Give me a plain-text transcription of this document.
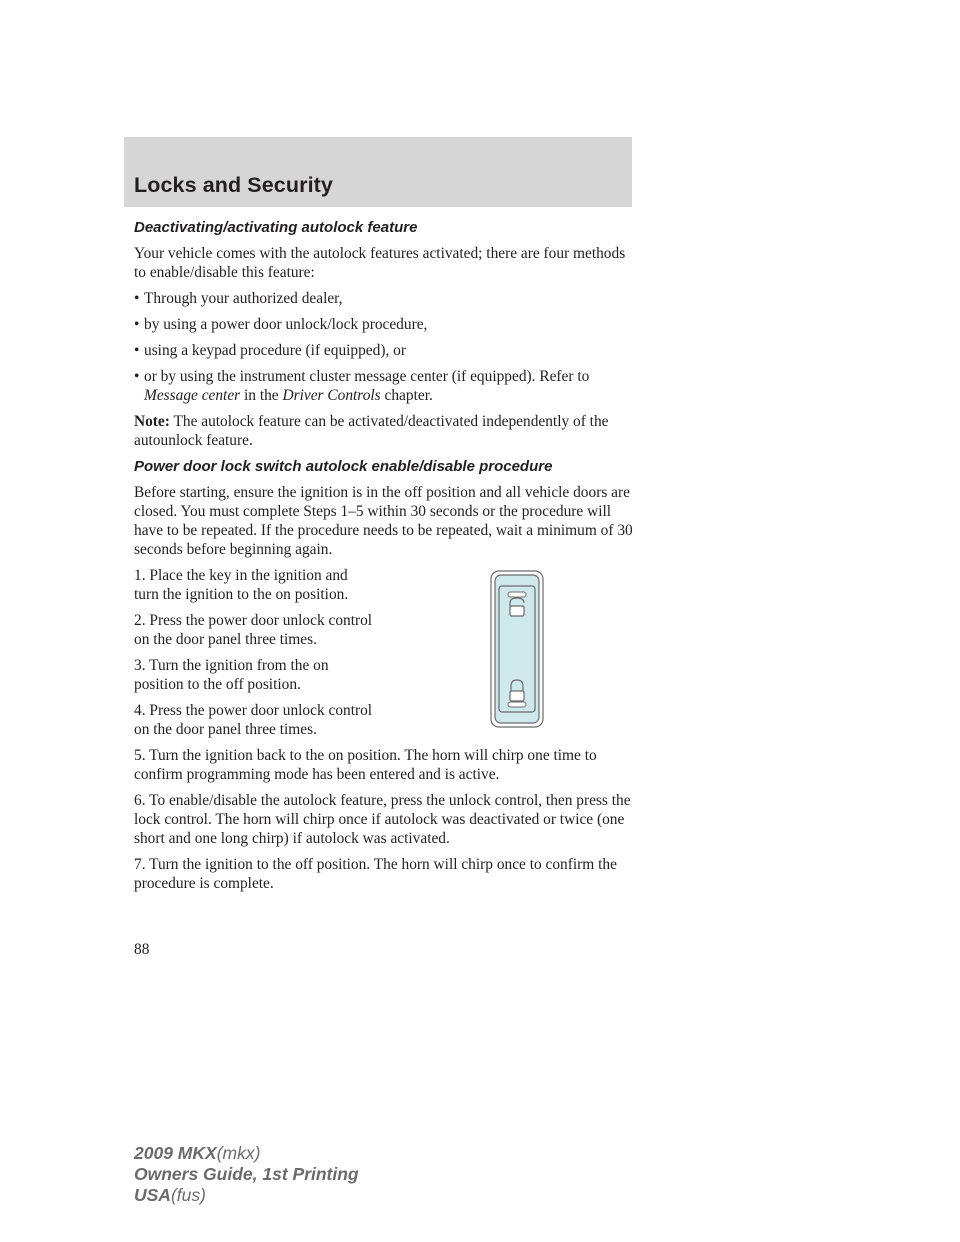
Locks and Security
Deactivating/activating autolock feature

Your vehicle comes with the autolock features activated; there are four methods to enable/disable this feature:

• Through your authorized dealer,
• by using a power door unlock/lock procedure,
• using a keypad procedure (if equipped), or
• or by using the instrument cluster message center (if equipped). Refer to Message center in the Driver Controls chapter.

Note: The autolock feature can be activated/deactivated independently of the autounlock feature.

Power door lock switch autolock enable/disable procedure

Before starting, ensure the ignition is in the off position and all vehicle doors are closed. You must complete Steps 1–5 within 30 seconds or the procedure will have to be repeated. If the procedure needs to be repeated, wait a minimum of 30 seconds before beginning again.

1. Place the key in the ignition and turn the ignition to the on position.

2. Press the power door unlock control on the door panel three times.

3. Turn the ignition from the on position to the off position.

4. Press the power door unlock control on the door panel three times.

5. Turn the ignition back to the on position. The horn will chirp one time to confirm programming mode has been entered and is active.

6. To enable/disable the autolock feature, press the unlock control, then press the lock control. The horn will chirp once if autolock was deactivated or twice (one short and one long chirp) if autolock was activated.

7. Turn the ignition to the off position. The horn will chirp once to confirm the procedure is complete.

88
2009 MKX(mkx)
Owners Guide, 1st Printing
USA(fus)
